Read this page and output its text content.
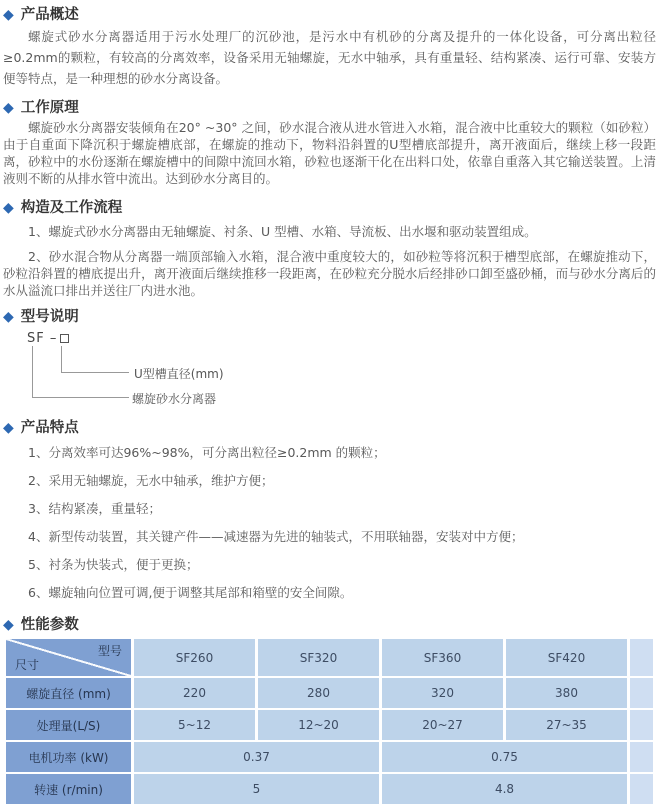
◆ 产品概述

螺旋式砂水分离器适用于污水处理厂的沉砂池，是污水中有机砂的分离及提升的一体化设备，可分离出粒径≥0.2mm的颗粒，有较高的分离效率，设备采用无轴螺旋，无水中轴承，具有重量轻、结构紧凑、运行可靠、安装方便等特点，是一种理想的砂水分离设备。

◆ 工作原理

螺旋砂水分离器安装倾角在20° ~30° 之间，砂水混合液从进水管进入水箱，混合液中比重较大的颗粒（如砂粒）由于自重面下降沉积于螺旋槽底部，在螺旋的推动下，物料沿斜置的U型槽底部提升，离开液面后，继续上移一段距离，砂粒中的水份逐渐在螺旋槽中的间隙中流回水箱，砂粒也逐渐干化在出料口处，依靠自重落入其它输送装置。上清液则不断的从排水管中流出。达到砂水分离目的。

◆ 构造及工作流程

1、螺旋式砂水分离器由无轴螺旋、衬条、U 型槽、水箱、导流板、出水堰和驱动装置组成。

2、砂水混合物从分离器一端顶部输入水箱，混合液中重度较大的，如砂粒等将沉积于槽型底部，在螺旋推动下，砂粒沿斜置的槽底提出升，离开液面后继续推移一段距离，在砂粒充分脱水后经排砂口卸至盛砂桶，而与砂水分离后的水从溢流口排出并送往厂内进水池。

◆ 型号说明
SF –
U型槽直径(mm)
螺旋砂水分离器
◆ 产品特点

1、分离效率可达96%~98%，可分离出粒径≥0.2mm 的颗粒；

2、采用无轴螺旋，无水中轴承，维护方便；

3、结构紧凑，重量轻；

4、新型传动装置，其关键产件——减速器为先进的轴装式，不用联轴器，安装对中方便；

5、衬条为快装式，便于更换；

6、螺旋轴向位置可调,便于调整其尾部和箱壁的安全间隙。

◆ 性能参数
型号
尺寸	SF260	SF320	SF360	SF420	
螺旋直径 (mm)	220	280	320	380	
处理量(L/S)	5~12	12~20	20~27	27~35	
电机功率 (kW)	0.37		0.75		
转速 (r/min)	5		4.8		
